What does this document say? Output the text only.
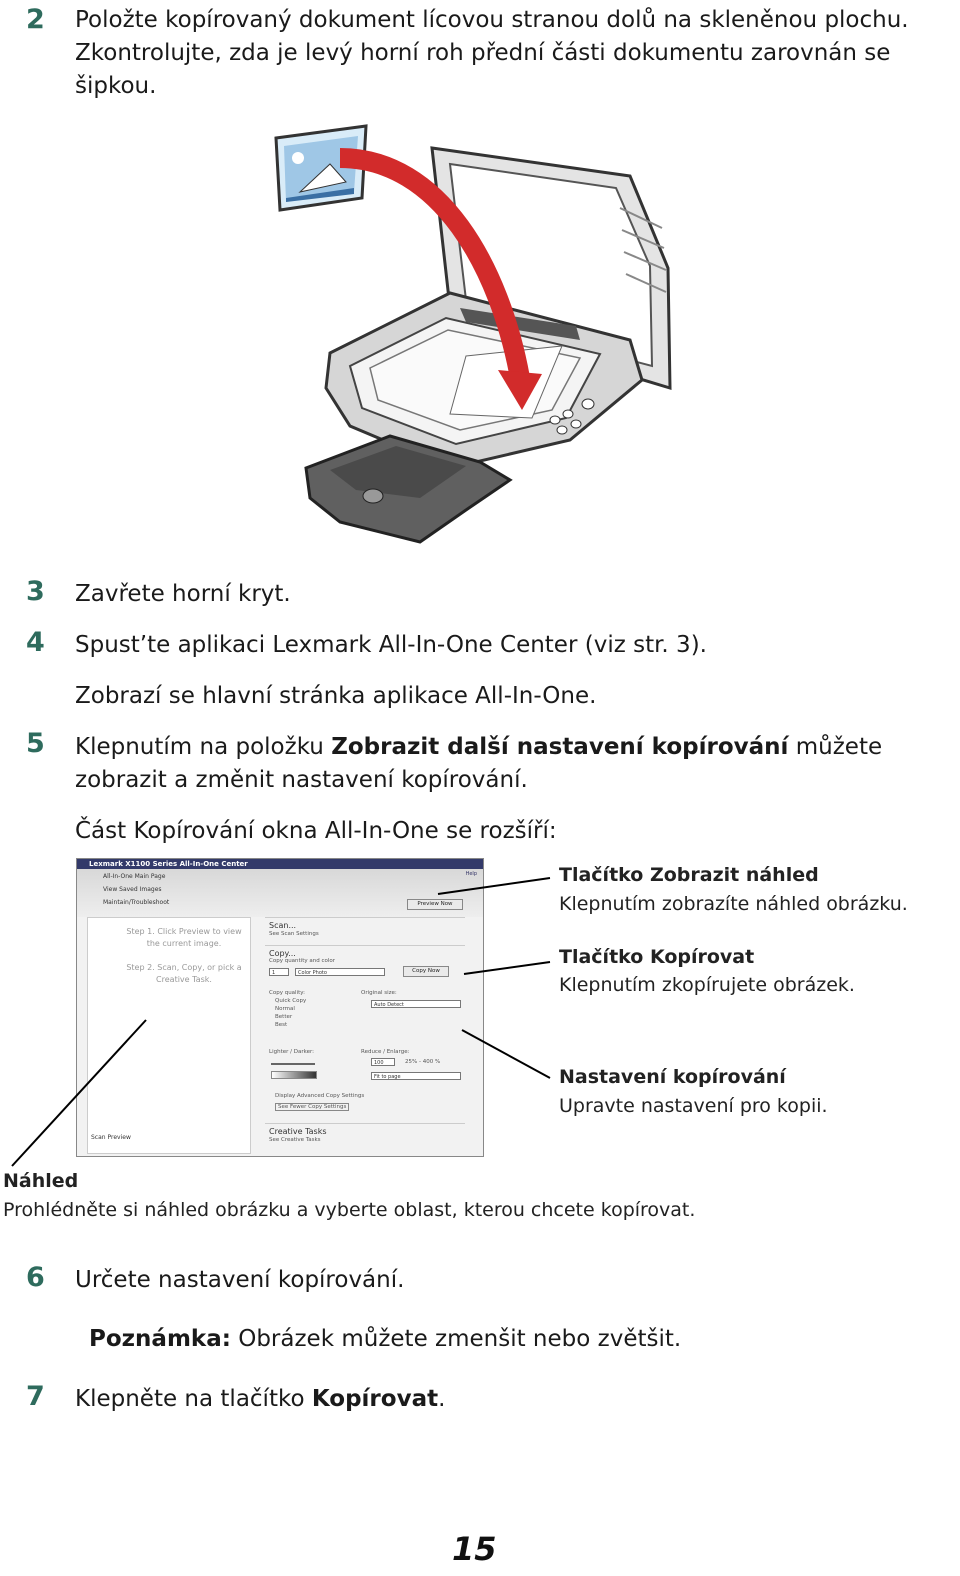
2 Položte kopírovaný dokument lícovou stranou dolů na skleněnou plochu.
Zkontrolujte, zda je levý horní roh přední části dokumentu zarovnán se
šipkou.
3 Zavřete horní kryt.
4 Spust’te aplikaci Lexmark All-In-One Center (viz str. 3).
Zobrazí se hlavní stránka aplikace All-In-One.
5 Klepnutím na položku Zobrazit další nastavení kopírování můžete
zobrazit a změnit nastavení kopírování.
Část Kopírování okna All-In-One se rozšíří:
Lexmark X1100 Series All-In-One Center
All-In-One Main Page
View Saved Images
Maintain/Troubleshoot
Help
Preview Now
Step 1. Click Preview to view the current image.
Step 2. Scan, Copy, or pick a Creative Task.
Scan Preview
Scan...
See Scan Settings
Copy...
Copy quantity and color
1	Color Photo	Copy Now
Copy quality:
Quick Copy
Normal
Better
Best
Original size:
Auto Detect
Lighter / Darker:	Reduce / Enlarge:
100	25% - 400 %
Fit to page
Display Advanced Copy Settings
See Fewer Copy Settings
Creative Tasks
See Creative Tasks
Tlačítko Zobrazit náhled
Klepnutím zobrazíte náhled obrázku.
Tlačítko Kopírovat
Klepnutím zkopírujete obrázek.
Nastavení kopírování
Upravte nastavení pro kopii.
Náhled
Prohlédněte si náhled obrázku a vyberte oblast, kterou chcete kopírovat.
6 Určete nastavení kopírování.
Poznámka: Obrázek můžete zmenšit nebo zvětšit.
7 Klepněte na tlačítko Kopírovat.
15
